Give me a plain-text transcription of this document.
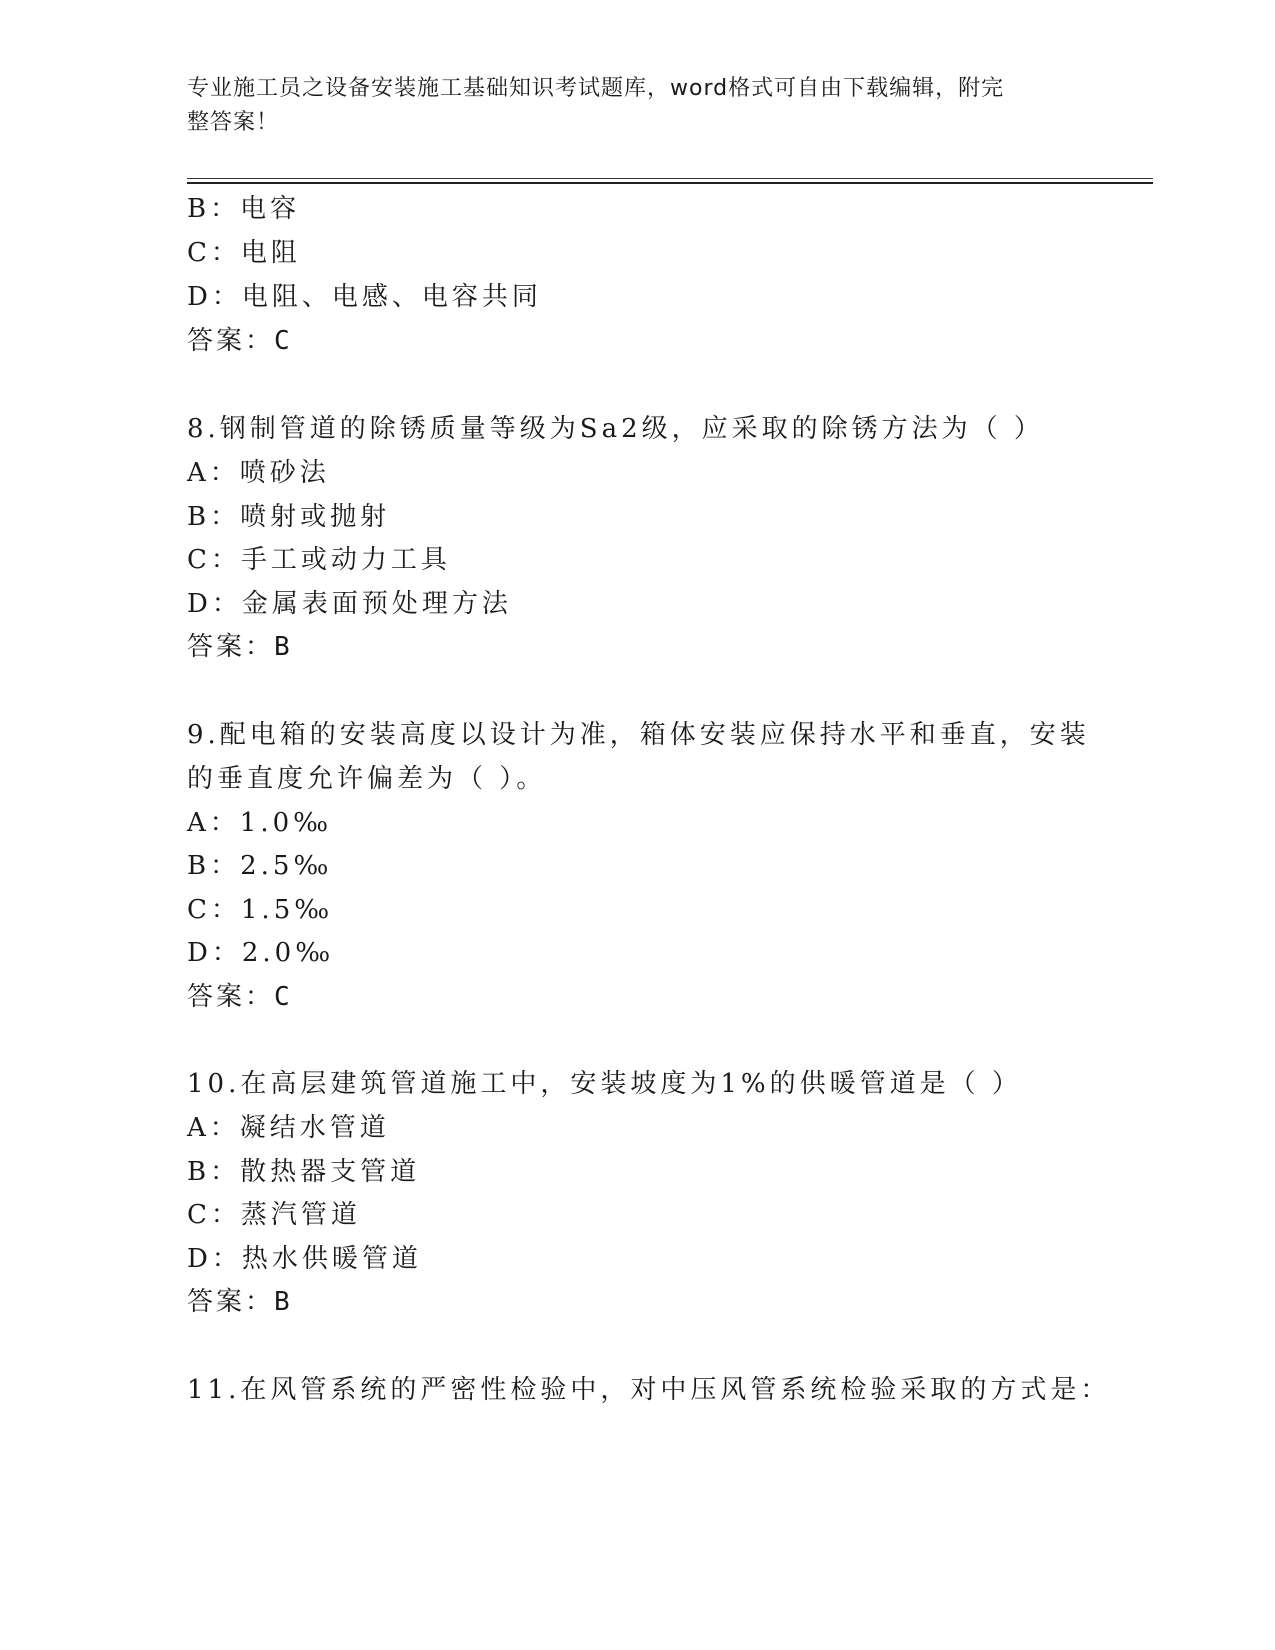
专业施工员之设备安装施工基础知识考试题库，word格式可自由下载编辑，附完
整答案！
B：电容
C：电阻
D：电阻、电感、电容共同
答案：C
8.钢制管道的除锈质量等级为Sa2级，应采取的除锈方法为（ ）
A：喷砂法
B：喷射或抛射
C：手工或动力工具
D：金属表面预处理方法
答案：B
9.配电箱的安装高度以设计为准，箱体安装应保持水平和垂直，安装
的垂直度允许偏差为（ ）。
A：1.0‰
B：2.5‰
C：1.5‰
D：2.0‰
答案：C
10.在高层建筑管道施工中，安装坡度为1%的供暖管道是（ ）
A：凝结水管道
B：散热器支管道
C：蒸汽管道
D：热水供暖管道
答案：B
11.在风管系统的严密性检验中，对中压风管系统检验采取的方式是：
